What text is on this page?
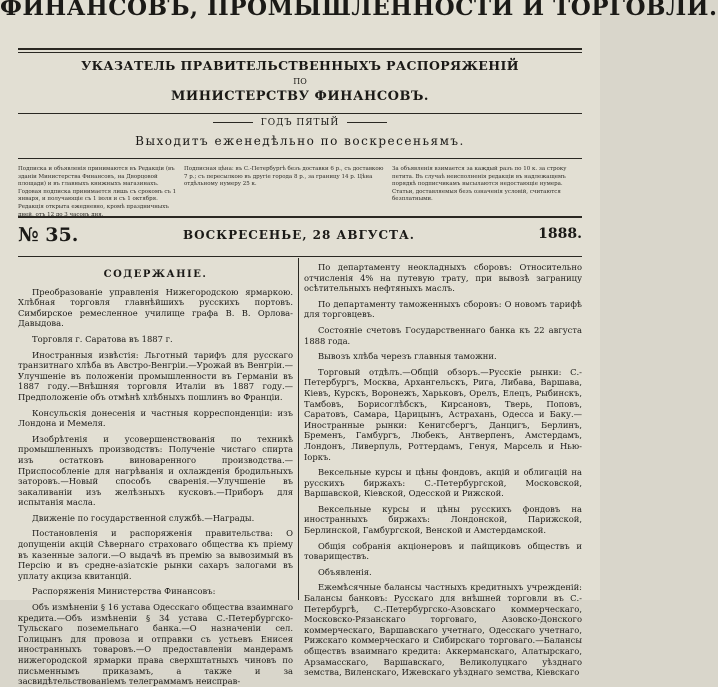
ФИНАНСОВЪ, ПРОМЫШЛЕННОСТИ И ТОРГОВЛИ.
УКАЗАТЕЛЬ ПРАВИТЕЛЬСТВЕННЫХЪ РАСПОРЯЖЕНІЙ
ПО
МИНИСТЕРСТВУ ФИНАНСОВЪ.
ГОДЪ ПЯТЫЙ
Выходитъ еженедѣльно по воскресеньямъ.
Подписка и объявленія принимаются въ Редакціи (въ зданіи Министерства Финансовъ, на Дворцовой площади) и въ главныхъ книжныхъ магазинахъ. Годовая подписка принимается лишь съ срокомъ съ 1 января, и получающіе съ 1 іюля и съ 1 октября. Редакція открыта ежедневно, кромѣ праздничныхъ дней, отъ 12 до 3 часовъ дня.
Подписная цѣна: въ С.-Петербургѣ безъ доставки 6 р., съ доставкою 7 р.; съ пересылкою въ другіе города 8 р., за границу 14 р. Цѣна отдѣльному нумеру 25 к.
За объявленія взимается за каждый разъ по 10 к. за строку петита. Въ случаѣ неисполненія редакціи въ надлежащемъ порядкѣ подписчикамъ высылаются недостающіе нумера. Статьи, доставляемыя безъ означенія условій, считаются безплатными.
№ 35.	ВОСКРЕСЕНЬЕ, 28 АВГУСТА.	1888.
СОДЕРЖАНІЕ.

Преобразованіе управленія Нижегородскою ярмаркою. Хлѣбная торговля главнѣйшихъ русскихъ портовъ. Симбирское ремесленное училище графа В. В. Орлова-Давыдова.

Торговля г. Саратова въ 1887 г.

Иностранныя извѣстія: Льготный тарифъ для русскаго транзитнаго хлѣба въ Австро-Венгріи.—Урожай въ Венгріи.—Улучшеніе въ положеніи промышленности въ Германіи въ 1887 году.—Внѣшняя торговля Италіи въ 1887 году.—Предположеніе объ отмѣнѣ хлѣбныхъ пошлинъ во Франціи.

Консульскія донесенія и частныя корреспонденціи: изъ Лондона и Мемеля.

Изобрѣтенія и усовершенствованія по техникѣ промышленныхъ производствъ: Полученіе чистаго спирта изъ остатковъ виноваренного производства.—Приспособленіе для нагрѣванія и охлажденія бродильныхъ заторовъ.—Новый способъ сваренія.—Улучшеніе въ закаливаніи изъ желѣзныхъ кусковъ.—Приборъ для испытанія масла.

Движеніе по государственной службѣ.—Награды.

Постановленія и распоряженія правительства: О допущеніи акцій Сѣвернаго страховаго общества къ пріему въ казенные залоги.—О выдачѣ въ премію за вывозимый въ Персію и въ средне-азіатскіе рынки сахаръ залогами въ уплату акциза квитанцій.

Распоряженія Министерства Финансовъ:

Объ измѣненіи § 16 устава Одесскаго общества взаимнаго кредита.—Объ измѣненіи § 34 устава С.-Петербургско-Тульскаго поземельнаго банка.—О назначеніи сел. Голицынъ для провоза и отправки съ устьевъ Енисея иностранныхъ товаровъ.—О предоставленіи мандерамъ нижегородской ярмарки права сверхштатныхъ чиновъ по письменнымъ приказамъ, а также и за засвидѣтельствованіемъ телеграммамъ неисправ-

По департаменту неокладныхъ сборовъ: Относительно отчисленія 4% на путевую трату, при вывозѣ заграницу осѣтительныхъ нефтяныхъ маслъ.

По департаменту таможенныхъ сборовъ: О новомъ тарифѣ для торговцевъ.

Состояніе счетовъ Государственнаго банка къ 22 августа 1888 года.

Вывозъ хлѣба черезъ главныя таможни.

Торговый отдѣлъ.—Общій обзоръ.—Русскіе рынки: С.-Петербургъ, Москва, Архангельскъ, Рига, Либава, Варшава, Кіевъ, Курскъ, Воронежъ, Харьковъ, Орелъ, Елецъ, Рыбинскъ, Тамбовъ, Борисоглѣбскъ, Кирсановъ, Тверь, Поповъ, Саратовъ, Самара, Царицынъ, Астрахань, Одесса и Баку.—Иностранные рынки: Кенигсбергъ, Данцигъ, Берлинъ, Бременъ, Гамбургъ, Любекъ, Антверпенъ, Амстердамъ, Лондонъ, Ливерпуль, Роттердамъ, Генуя, Марсель и Нью-Іоркъ.

Вексельные курсы и цѣны фондовъ, акцій и облигацій на русскихъ биржахъ: С.-Петербургской, Московской, Варшавской, Кіевской, Одесской и Рижской.

Вексельные курсы и цѣны русскихъ фондовъ на иностранныхъ биржахъ: Лондонской, Парижской, Берлинской, Гамбургской, Венской и Амстердамской.

Общія собранія акціонеровъ и пайщиковъ обществъ и товариществъ.

Объявленія.

Ежемѣсячные балансы частныхъ кредитныхъ учрежденій: Балансы банковъ: Русскаго для внѣшней торговли въ С.-Петербургѣ, С.-Петербургско-Азовскаго коммерческаго, Московско-Рязанскаго торговаго, Азовско-Донского коммерческаго, Варшавскаго учетнаго, Одесскаго учетнаго, Рижскаго коммерческаго и Сибирскаго торговаго.—Балансы обществъ взаимнаго кредита: Аккерманскаго, Алатырскаго, Арзамасскаго, Варшавскаго, Великолуцкаго уѣзднаго земства, Виленскаго, Ижевскаго уѣзднаго земства, Кіевскаго
